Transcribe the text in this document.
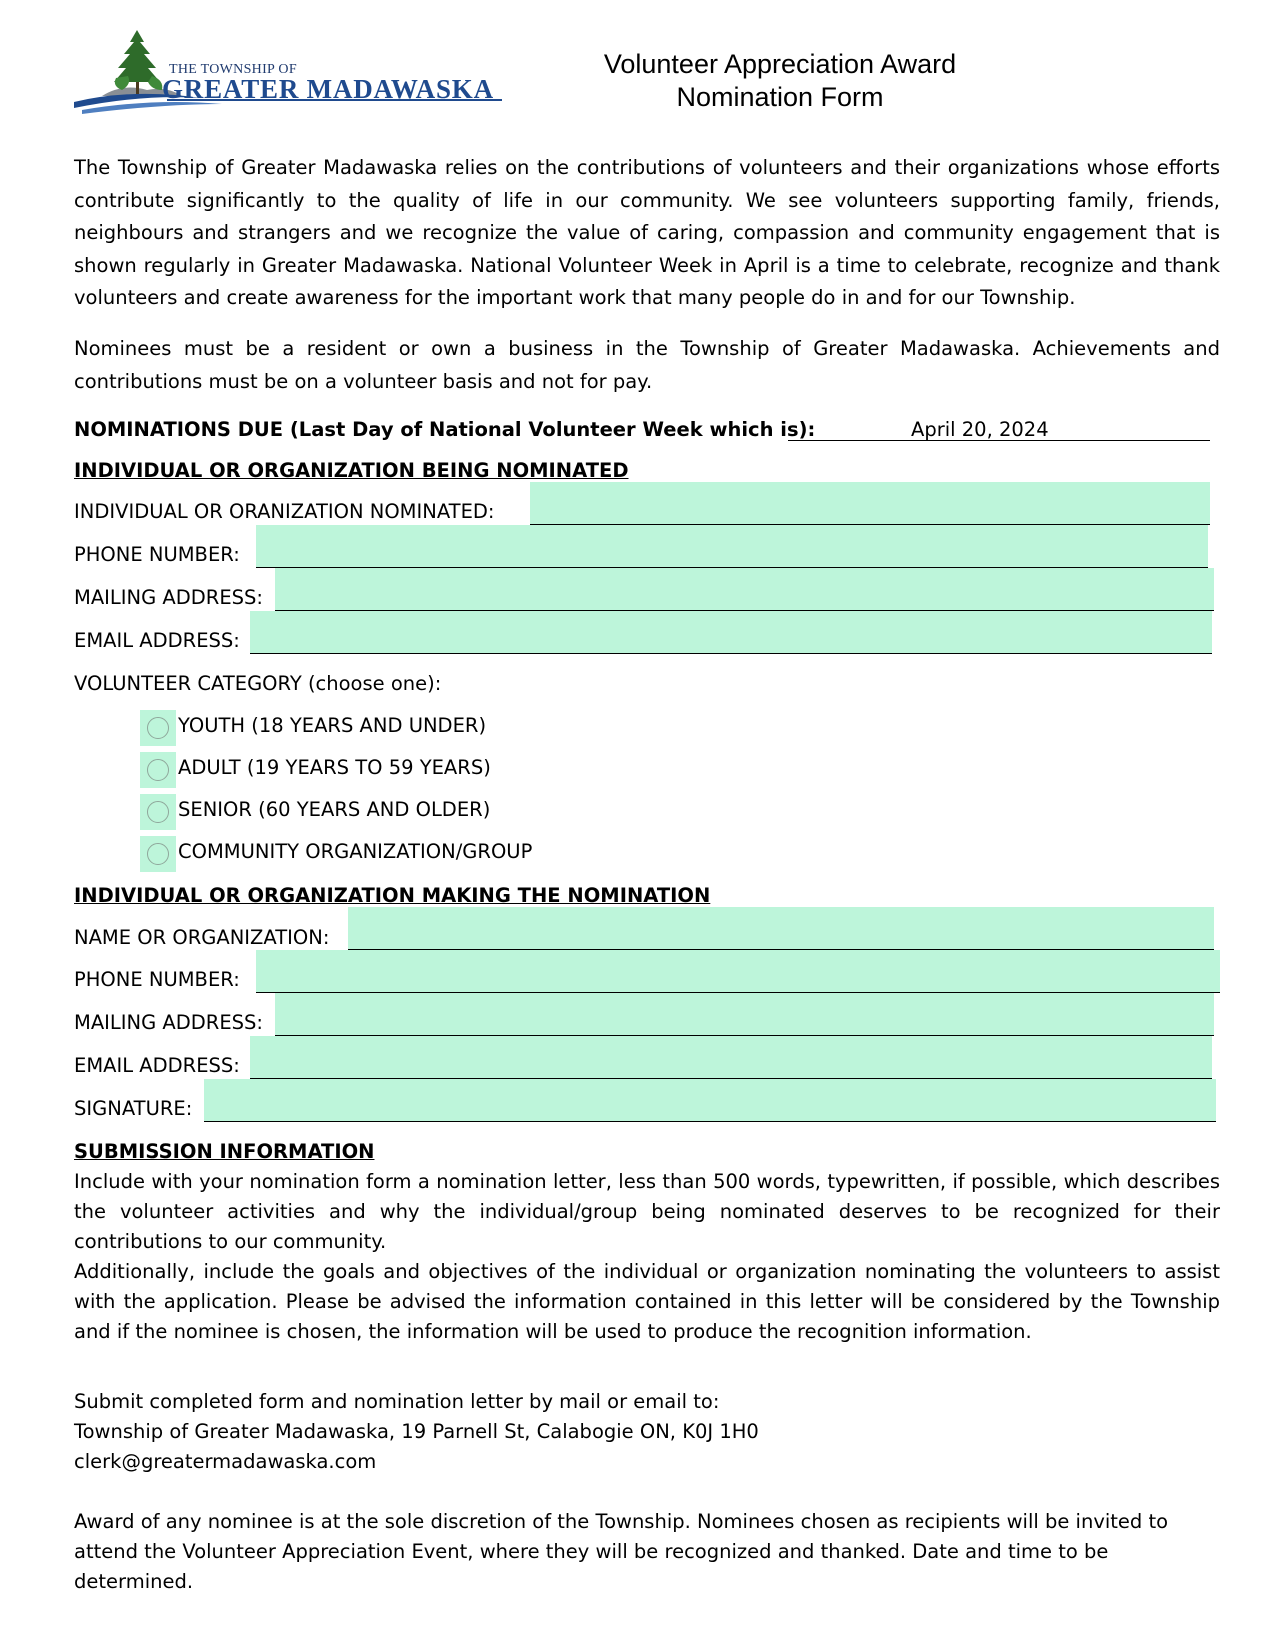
THE TOWNSHIP OF
GREATER MADAWASKA
Volunteer Appreciation Award
Nomination Form

The Township of Greater Madawaska relies on the contributions of volunteers and their organizations whose efforts contribute significantly to the quality of life in our community. We see volunteers supporting family, friends, neighbours and strangers and we recognize the value of caring, compassion and community engagement that is shown regularly in Greater Madawaska. National Volunteer Week in April is a time to celebrate, recognize and thank volunteers and create awareness for the important work that many people do in and for our Township.

Nominees must be a resident or own a business in the Township of Greater Madawaska. Achievements and contributions must be on a volunteer basis and not for pay.

NOMINATIONS DUE (Last Day of National Volunteer Week which is):	April 20, 2024
INDIVIDUAL OR ORGANIZATION BEING NOMINATED
INDIVIDUAL OR ORANIZATION NOMINATED:
PHONE NUMBER:
MAILING ADDRESS:
EMAIL ADDRESS:
VOLUNTEER CATEGORY (choose one):
YOUTH (18 YEARS AND UNDER)
ADULT (19 YEARS TO 59 YEARS)
SENIOR (60 YEARS AND OLDER)
COMMUNITY ORGANIZATION/GROUP
INDIVIDUAL OR ORGANIZATION MAKING THE NOMINATION
NAME OR ORGANIZATION:
PHONE NUMBER:
MAILING ADDRESS:
EMAIL ADDRESS:
SIGNATURE:
SUBMISSION INFORMATION

Include with your nomination form a nomination letter, less than 500 words, typewritten, if possible, which describes the volunteer activities and why the individual/group being nominated deserves to be recognized for their contributions to our community.

Additionally, include the goals and objectives of the individual or organization nominating the volunteers to assist with the application. Please be advised the information contained in this letter will be considered by the Township and if the nominee is chosen, the information will be used to produce the recognition information.

Submit completed form and nomination letter by mail or email to:

Township of Greater Madawaska, 19 Parnell St, Calabogie ON, K0J 1H0

clerk@greatermadawaska.com

Award of any nominee is at the sole discretion of the Township. Nominees chosen as recipients will be invited to attend the Volunteer Appreciation Event, where they will be recognized and thanked. Date and time to be determined.
